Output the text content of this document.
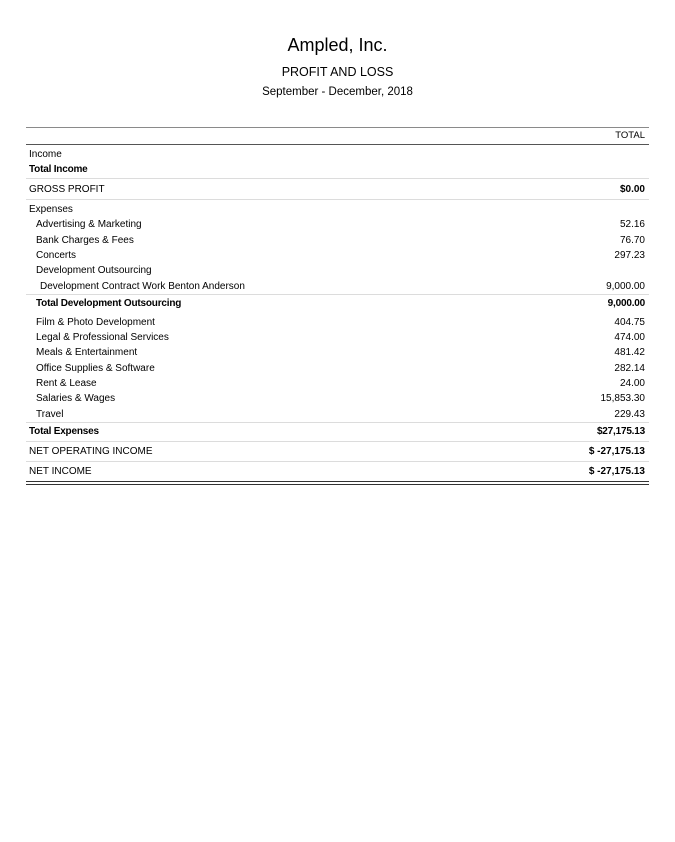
Ampled, Inc.
PROFIT AND LOSS
September - December, 2018
TOTAL
Income
Total Income
GROSS PROFIT	$0.00
Expenses
Advertising & Marketing	52.16
Bank Charges & Fees	76.70
Concerts	297.23
Development Outsourcing
Development Contract Work Benton Anderson	9,000.00
Total Development Outsourcing	9,000.00
Film & Photo Development	404.75
Legal & Professional Services	474.00
Meals & Entertainment	481.42
Office Supplies & Software	282.14
Rent & Lease	24.00
Salaries & Wages	15,853.30
Travel	229.43
Total Expenses	$27,175.13
NET OPERATING INCOME	$ -27,175.13
NET INCOME	$ -27,175.13
